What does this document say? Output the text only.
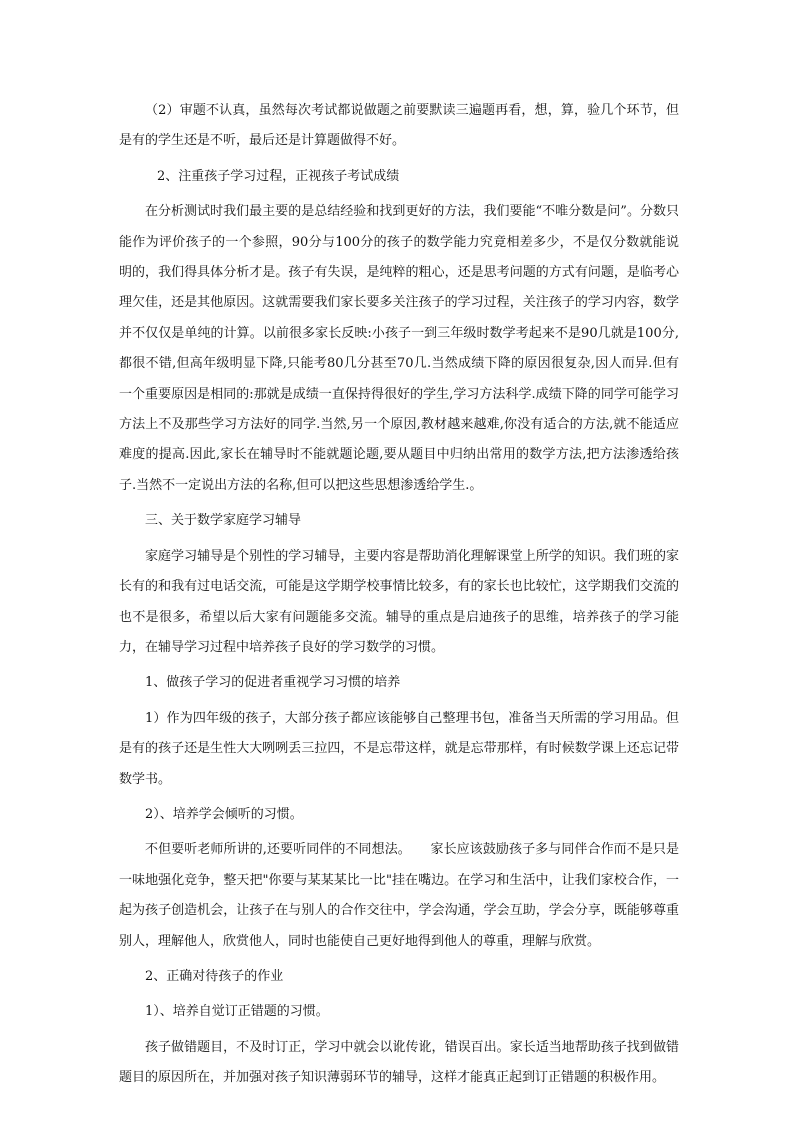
（2）审题不认真，虽然每次考试都说做题之前要默读三遍题再看，想，算，验几个环节，但是有的学生还是不听，最后还是计算题做得不好。

2、注重孩子学习过程，正视孩子考试成绩

在分析测试时我们最主要的是总结经验和找到更好的方法，我们要能“不唯分数是问”。分数只能作为评价孩子的一个参照，90分与100分的孩子的数学能力究竟相差多少，不是仅分数就能说明的，我们得具体分析才是。孩子有失误，是纯粹的粗心，还是思考问题的方式有问题，是临考心理欠佳，还是其他原因。这就需要我们家长要多关注孩子的学习过程，关注孩子的学习内容，数学并不仅仅是单纯的计算。以前很多家长反映:小孩子一到三年级时数学考起来不是90几就是100分,都很不错,但高年级明显下降,只能考80几分甚至70几.当然成绩下降的原因很复杂,因人而异.但有一个重要原因是相同的:那就是成绩一直保持得很好的学生,学习方法科学.成绩下降的同学可能学习方法上不及那些学习方法好的同学.当然,另一个原因,教材越来越难,你没有适合的方法,就不能适应难度的提高.因此,家长在辅导时不能就题论题,要从题目中归纳出常用的数学方法,把方法渗透给孩子.当然不一定说出方法的名称,但可以把这些思想渗透给学生.。

三、关于数学家庭学习辅导

家庭学习辅导是个别性的学习辅导，主要内容是帮助消化理解课堂上所学的知识。我们班的家长有的和我有过电话交流，可能是这学期学校事情比较多，有的家长也比较忙，这学期我们交流的也不是很多，希望以后大家有问题能多交流。辅导的重点是启迪孩子的思维，培养孩子的学习能力，在辅导学习过程中培养孩子良好的学习数学的习惯。

1、做孩子学习的促进者重视学习习惯的培养

1）作为四年级的孩子，大部分孩子都应该能够自己整理书包，准备当天所需的学习用品。但是有的孩子还是生性大大咧咧丢三拉四，不是忘带这样，就是忘带那样，有时候数学课上还忘记带数学书。

2）、培养学会倾听的习惯。

不但要听老师所讲的,还要听同伴的不同想法。　　家长应该鼓励孩子多与同伴合作而不是只是一味地强化竞争，整天把"你要与某某某比一比"挂在嘴边。在学习和生活中，让我们家校合作，一起为孩子创造机会，让孩子在与别人的合作交往中，学会沟通，学会互助，学会分享，既能够尊重别人，理解他人，欣赏他人，同时也能使自己更好地得到他人的尊重，理解与欣赏。

2、正确对待孩子的作业

1）、培养自觉订正错题的习惯。

孩子做错题目，不及时订正，学习中就会以讹传讹，错误百出。家长适当地帮助孩子找到做错题目的原因所在，并加强对孩子知识薄弱环节的辅导，这样才能真正起到订正错题的积极作用。
